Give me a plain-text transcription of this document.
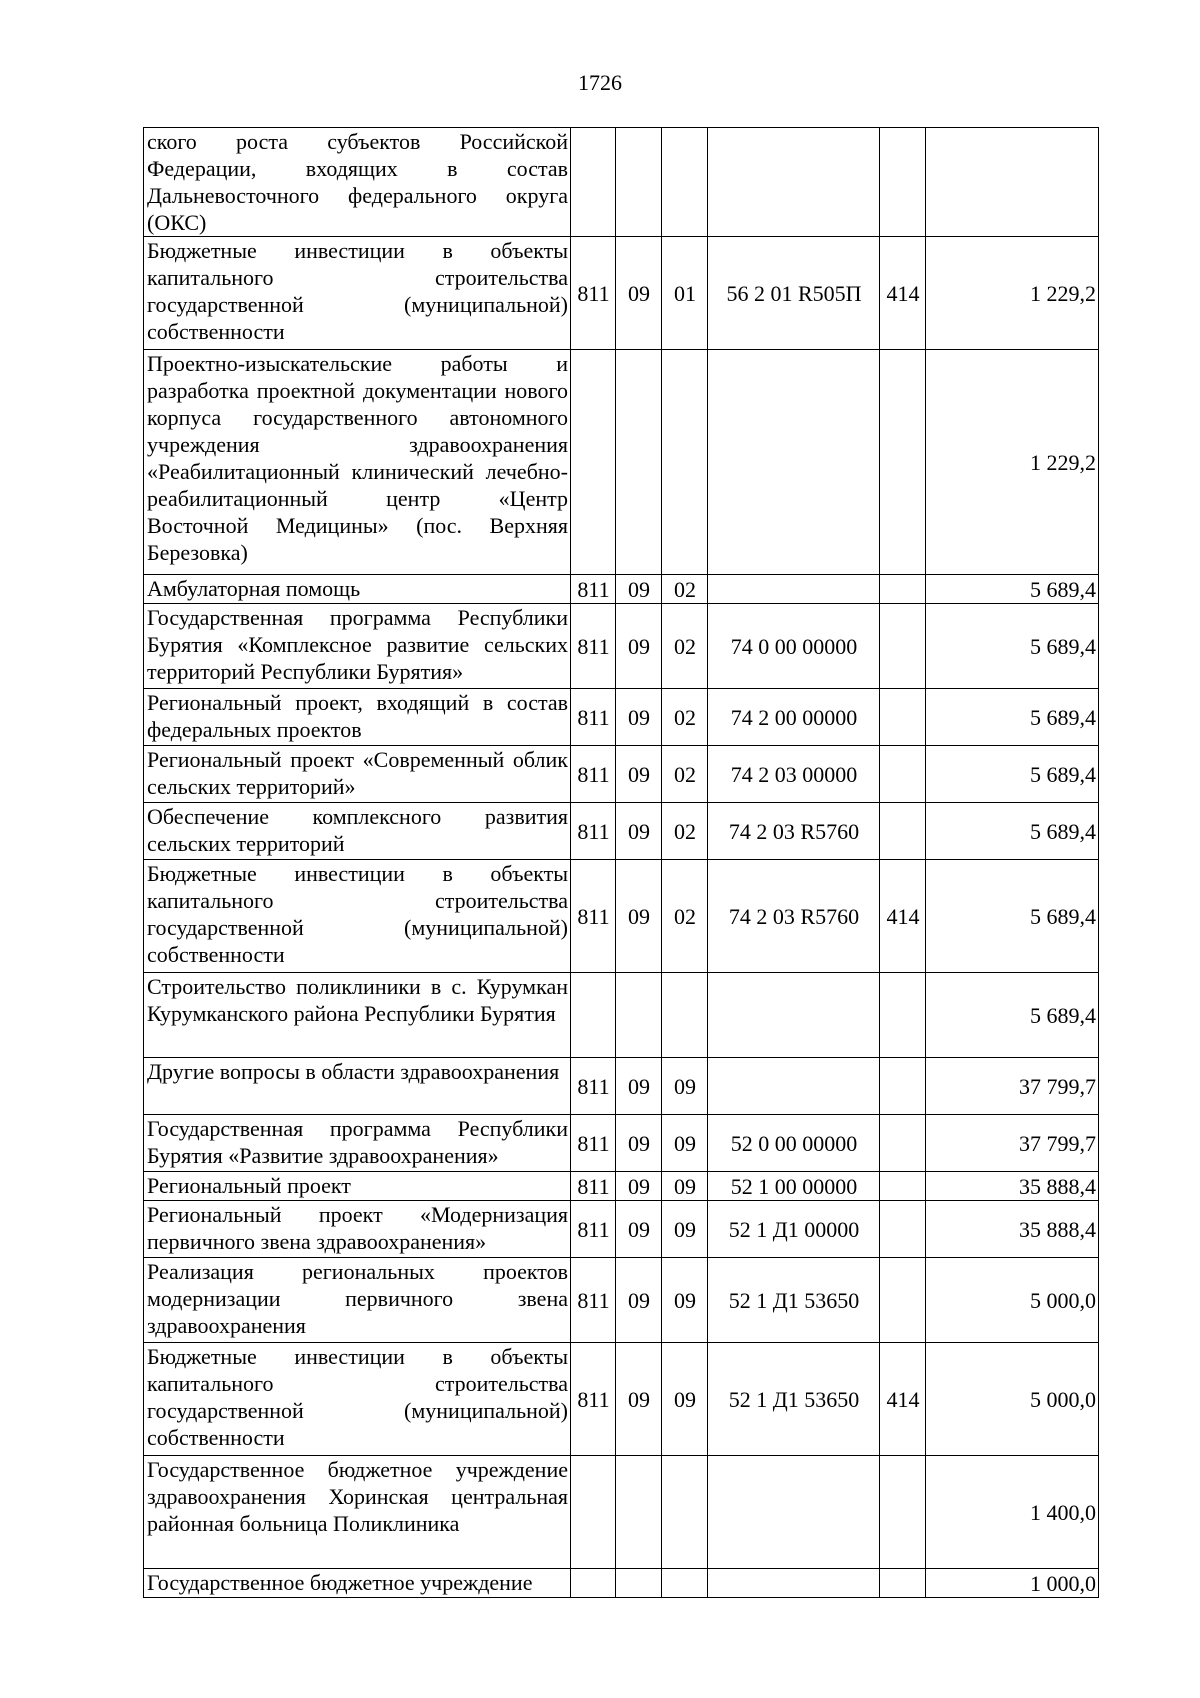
1726
ского роста субъектов Российской Федерации, входящих в состав Дальневосточного федерального округа (ОКС)						
Бюджетные инвестиции в объекты капитального строительства государственной (муниципальной) собственности	811	09	01	56 2 01 R505П	414	1 229,2
Проектно-изыскательские работы и разработка проектной документации нового корпуса государственного автономного учреждения здравоохранения «Реабилитационный клинический лечебно-реабилитационный центр «Центр Восточной Медицины» (пос. Верхняя Березовка)						1 229,2
Амбулаторная помощь	811	09	02			5 689,4
Государственная программа Республики Бурятия «Комплексное развитие сельских территорий Республики Бурятия»	811	09	02	74 0 00 00000		5 689,4
Региональный проект, входящий в состав федеральных проектов	811	09	02	74 2 00 00000		5 689,4
Региональный проект «Современный облик сельских территорий»	811	09	02	74 2 03 00000		5 689,4
Обеспечение комплексного развития сельских территорий	811	09	02	74 2 03 R5760		5 689,4
Бюджетные инвестиции в объекты капитального строительства государственной (муниципальной) собственности	811	09	02	74 2 03 R5760	414	5 689,4
Строительство поликлиники в с. Курумкан Курумканского района Республики Бурятия						5 689,4
Другие вопросы в области здравоохранения	811	09	09			37 799,7
Государственная программа Республики Бурятия «Развитие здравоохранения»	811	09	09	52 0 00 00000		37 799,7
Региональный проект	811	09	09	52 1 00 00000		35 888,4
Региональный проект «Модернизация первичного звена здравоохранения»	811	09	09	52 1 Д1 00000		35 888,4
Реализация региональных проектов модернизации первичного звена здравоохранения	811	09	09	52 1 Д1 53650		5 000,0
Бюджетные инвестиции в объекты капитального строительства государственной (муниципальной) собственности	811	09	09	52 1 Д1 53650	414	5 000,0
Государственное бюджетное учреждение здравоохранения Хоринская центральная районная больница Поликлиника						1 400,0
Государственное бюджетное учреждение						1 000,0
